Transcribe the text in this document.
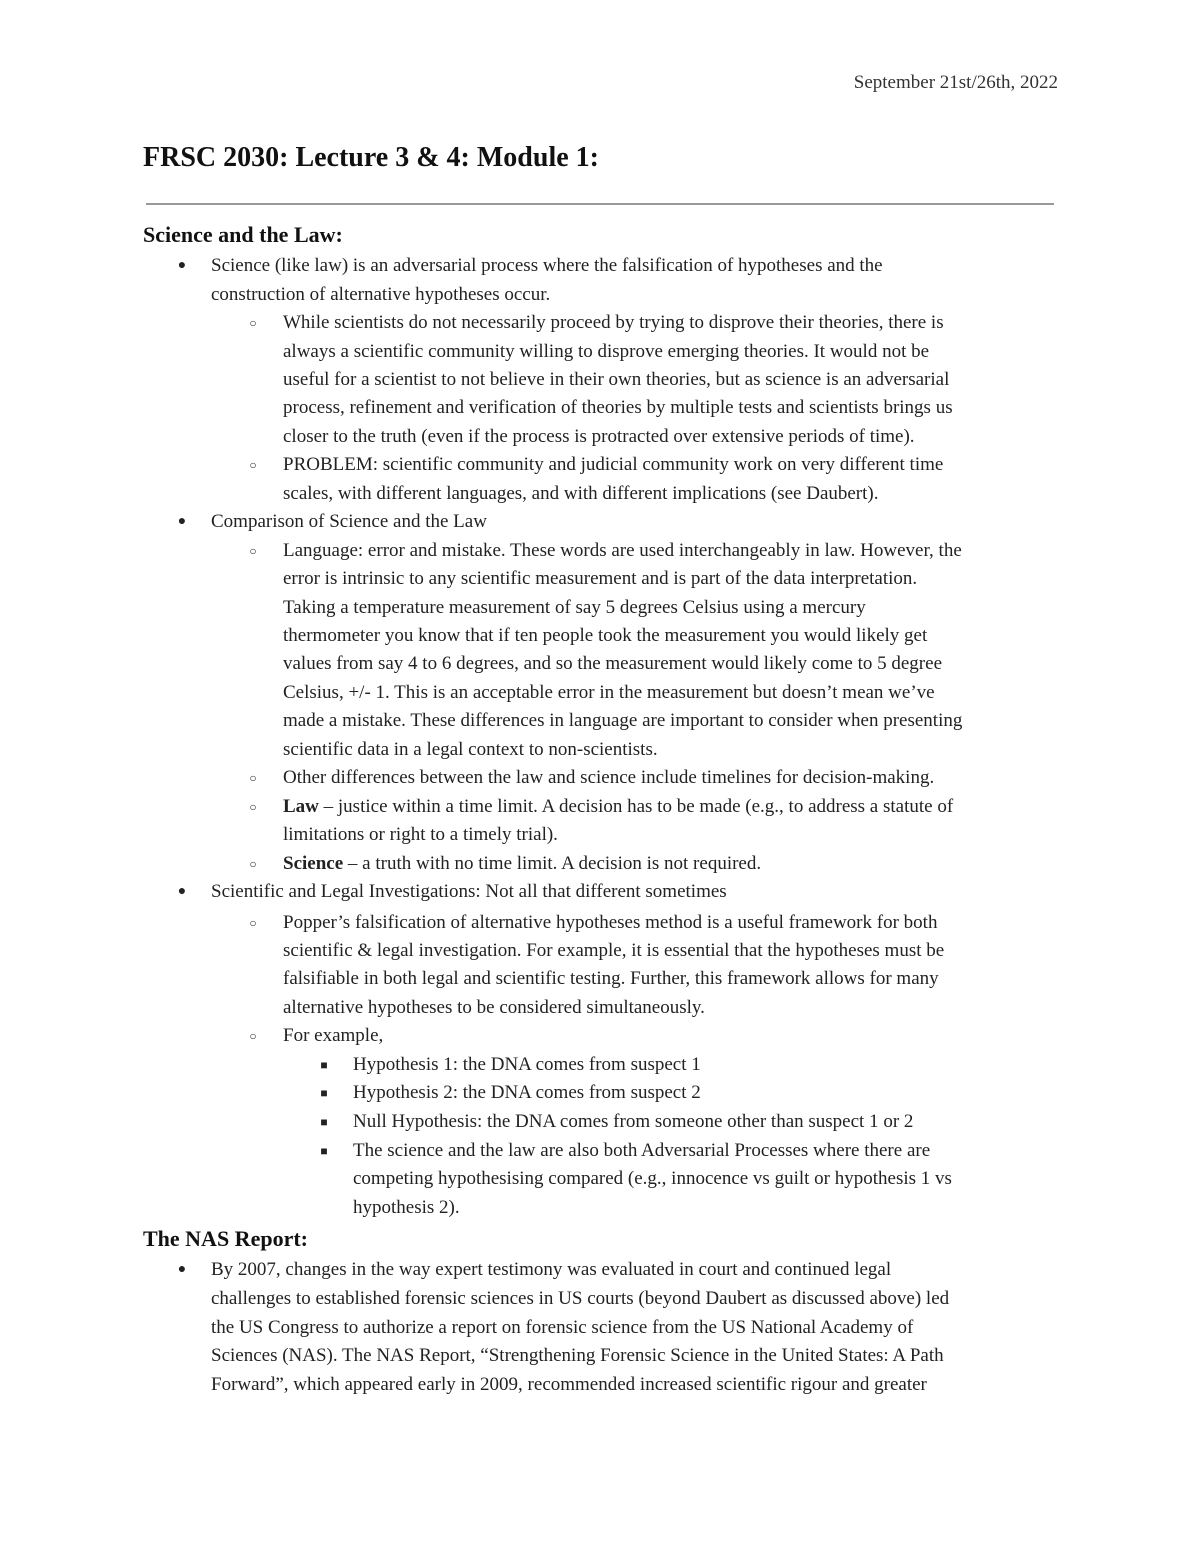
September 21st/26th, 2022
FRSC 2030: Lecture 3 & 4: Module 1:
Science and the Law:
●	Science (like law) is an adversarial process where the falsification of hypotheses and the
construction of alternative hypotheses occur.
○	While scientists do not necessarily proceed by trying to disprove their theories, there is
always a scientific community willing to disprove emerging theories. It would not be
useful for a scientist to not believe in their own theories, but as science is an adversarial
process, refinement and verification of theories by multiple tests and scientists brings us
closer to the truth (even if the process is protracted over extensive periods of time).
○	PROBLEM: scientific community and judicial community work on very different time
scales, with different languages, and with different implications (see Daubert).
●	Comparison of Science and the Law
○	Language: error and mistake. These words are used interchangeably in law. However, the
error is intrinsic to any scientific measurement and is part of the data interpretation.
Taking a temperature measurement of say 5 degrees Celsius using a mercury
thermometer you know that if ten people took the measurement you would likely get
values from say 4 to 6 degrees, and so the measurement would likely come to 5 degree
Celsius, +/- 1. This is an acceptable error in the measurement but doesn’t mean we’ve
made a mistake. These differences in language are important to consider when presenting
scientific data in a legal context to non-scientists.
○	Other differences between the law and science include timelines for decision-making.
○	Law – justice within a time limit. A decision has to be made (e.g., to address a statute of
limitations or right to a timely trial).
○	Science – a truth with no time limit. A decision is not required.
●	Scientific and Legal Investigations: Not all that different sometimes
○	Popper’s falsification of alternative hypotheses method is a useful framework for both
scientific & legal investigation. For example, it is essential that the hypotheses must be
falsifiable in both legal and scientific testing. Further, this framework allows for many
alternative hypotheses to be considered simultaneously.
○	For example,
■	Hypothesis 1: the DNA comes from suspect 1
■	Hypothesis 2: the DNA comes from suspect 2
■	Null Hypothesis: the DNA comes from someone other than suspect 1 or 2
■	The science and the law are also both Adversarial Processes where there are
competing hypothesising compared (e.g., innocence vs guilt or hypothesis 1 vs
hypothesis 2).
The NAS Report:
●	By 2007, changes in the way expert testimony was evaluated in court and continued legal
challenges to established forensic sciences in US courts (beyond Daubert as discussed above) led
the US Congress to authorize a report on forensic science from the US National Academy of
Sciences (NAS). The NAS Report, “Strengthening Forensic Science in the United States: A Path
Forward”, which appeared early in 2009, recommended increased scientific rigour and greater
